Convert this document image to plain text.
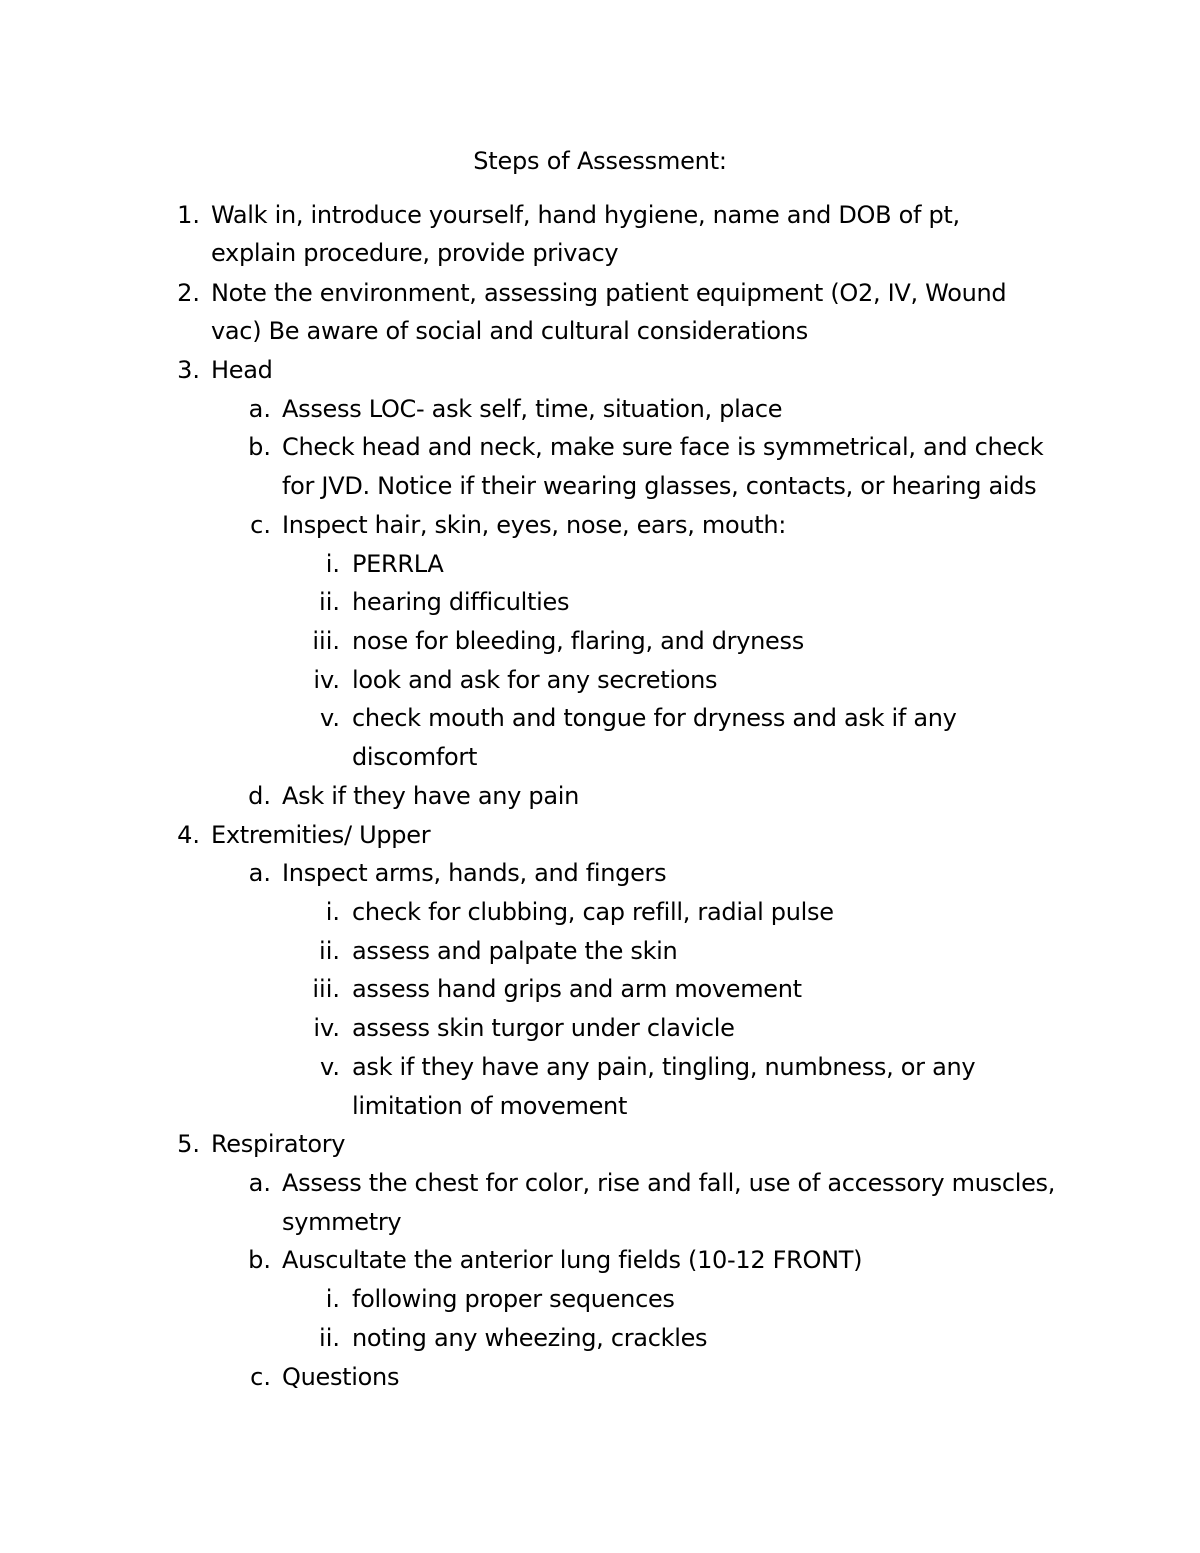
Steps of Assessment:
1. Walk in, introduce yourself, hand hygiene, name and DOB of pt,
explain procedure, provide privacy
2. Note the environment, assessing patient equipment (O2, IV, Wound
vac) Be aware of social and cultural considerations
3. Head
a. Assess LOC- ask self, time, situation, place
b. Check head and neck, make sure face is symmetrical, and check
for JVD. Notice if their wearing glasses, contacts, or hearing aids
c. Inspect hair, skin, eyes, nose, ears, mouth:
i. PERRLA
ii. hearing difficulties
iii. nose for bleeding, flaring, and dryness
iv. look and ask for any secretions
v. check mouth and tongue for dryness and ask if any
discomfort
d. Ask if they have any pain
4. Extremities/ Upper
a. Inspect arms, hands, and fingers
i. check for clubbing, cap refill, radial pulse
ii. assess and palpate the skin
iii. assess hand grips and arm movement
iv. assess skin turgor under clavicle
v. ask if they have any pain, tingling, numbness, or any
limitation of movement
5. Respiratory
a. Assess the chest for color, rise and fall, use of accessory muscles,
symmetry
b. Auscultate the anterior lung fields (10-12 FRONT)
i. following proper sequences
ii. noting any wheezing, crackles
c. Questions
